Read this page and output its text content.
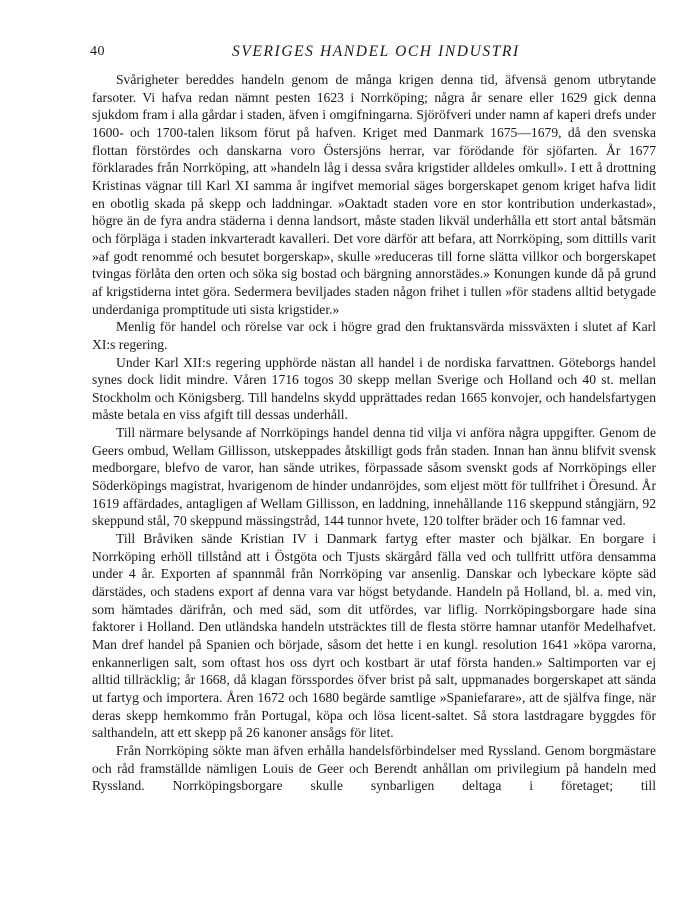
40	SVERIGES HANDEL OCH INDUSTRI

Svårigheter bereddes handeln genom de många krigen denna tid, äfvensä genom utbrytande farsoter. Vi hafva redan nämnt pesten 1623 i Norrköping; några år senare eller 1629 gick denna sjukdom fram i alla gårdar i staden, äfven i omgifningarna. Sjöröfveri under namn af kaperi drefs under 1600- och 1700-talen liksom förut på hafven. Kriget med Danmark 1675—1679, då den svenska flottan förstördes och danskarna voro Östersjöns herrar, var förödande för sjöfarten. År 1677 förklarades från Norrköping, att »handeln låg i dessa svåra krigstider alldeles omkull». I ett å drottning Kristinas vägnar till Karl XI samma år ingifvet memorial säges borgerskapet genom kriget hafva lidit en obotlig skada på skepp och laddningar. »Oaktadt staden vore en stor kontribution underkastad», högre än de fyra andra städerna i denna landsort, måste staden likväl underhålla ett stort antal båtsmän och förpläga i staden inkvarteradt kavalleri. Det vore därför att befara, att Norrköping, som dittills varit »af godt renommé och besutet borgerskap», skulle »reduceras till forne slätta villkor och borgerskapet tvingas förlåta den orten och söka sig bostad och bärgning annorstädes.» Konungen kunde då på grund af krigstiderna intet göra. Sedermera beviljades staden någon frihet i tullen »för stadens alltid betygade underdaniga promptitude uti sista krigstider.»

Menlig för handel och rörelse var ock i högre grad den fruktansvärda missväxten i slutet af Karl XI:s regering.

Under Karl XII:s regering upphörde nästan all handel i de nordiska farvattnen. Göteborgs handel synes dock lidit mindre. Våren 1716 togos 30 skepp mellan Sverige och Holland och 40 st. mellan Stockholm och Königsberg. Till handelns skydd upprättades redan 1665 konvojer, och handelsfartygen måste betala en viss afgift till dessas underhåll.

Till närmare belysande af Norrköpings handel denna tid vilja vi anföra några uppgifter. Genom de Geers ombud, Wellam Gillisson, utskeppades åtskilligt gods från staden. Innan han ännu blifvit svensk medborgare, blefvo de varor, han sände utrikes, förpassade såsom svenskt gods af Norrköpings eller Söderköpings magistrat, hvarigenom de hinder undanröjdes, som eljest mött för tullfrihet i Öresund. År 1619 affärdades, antagligen af Wellam Gillisson, en laddning, innehållande 116 skeppund stångjärn, 92 skeppund stål, 70 skeppund mässingstråd, 144 tunnor hvete, 120 tolfter bräder och 16 famnar ved.

Till Bråviken sände Kristian IV i Danmark fartyg efter master och bjälkar. En borgare i Norrköping erhöll tillstånd att i Östgöta och Tjusts skärgård fälla ved och tullfritt utföra densamma under 4 år. Exporten af spannmål från Norrköping var ansenlig. Danskar och lybeckare köpte säd därstädes, och stadens export af denna vara var högst betydande. Handeln på Holland, bl. a. med vin, som hämtades därifrån, och med säd, som dit utfördes, var liflig. Norrköpingsborgare hade sina faktorer i Holland. Den utländska handeln utsträcktes till de flesta större hamnar utanför Medelhafvet. Man dref handel på Spanien och började, såsom det hette i en kungl. resolution 1641 »köpa varorna, enkannerligen salt, som oftast hos oss dyrt och kostbart är utaf första handen.» Saltimporten var ej alltid tillräcklig; år 1668, då klagan försspordes öfver brist på salt, uppmanades borgerskapet att sända ut fartyg och importera. Åren 1672 och 1680 begärde samtlige »Spaniefarare», att de själfva finge, när deras skepp hemkommo från Portugal, köpa och lösa licent-saltet. Så stora lastdragare byggdes för salthandeln, att ett skepp på 26 kanoner ansågs för litet.

Från Norrköping sökte man äfven erhålla handelsförbindelser med Ryssland. Genom borgmästare och råd framställde nämligen Louis de Geer och Berendt anhållan om privilegium på handeln med Ryssland. Norrköpingsborgare skulle synbarligen deltaga i företaget; till
